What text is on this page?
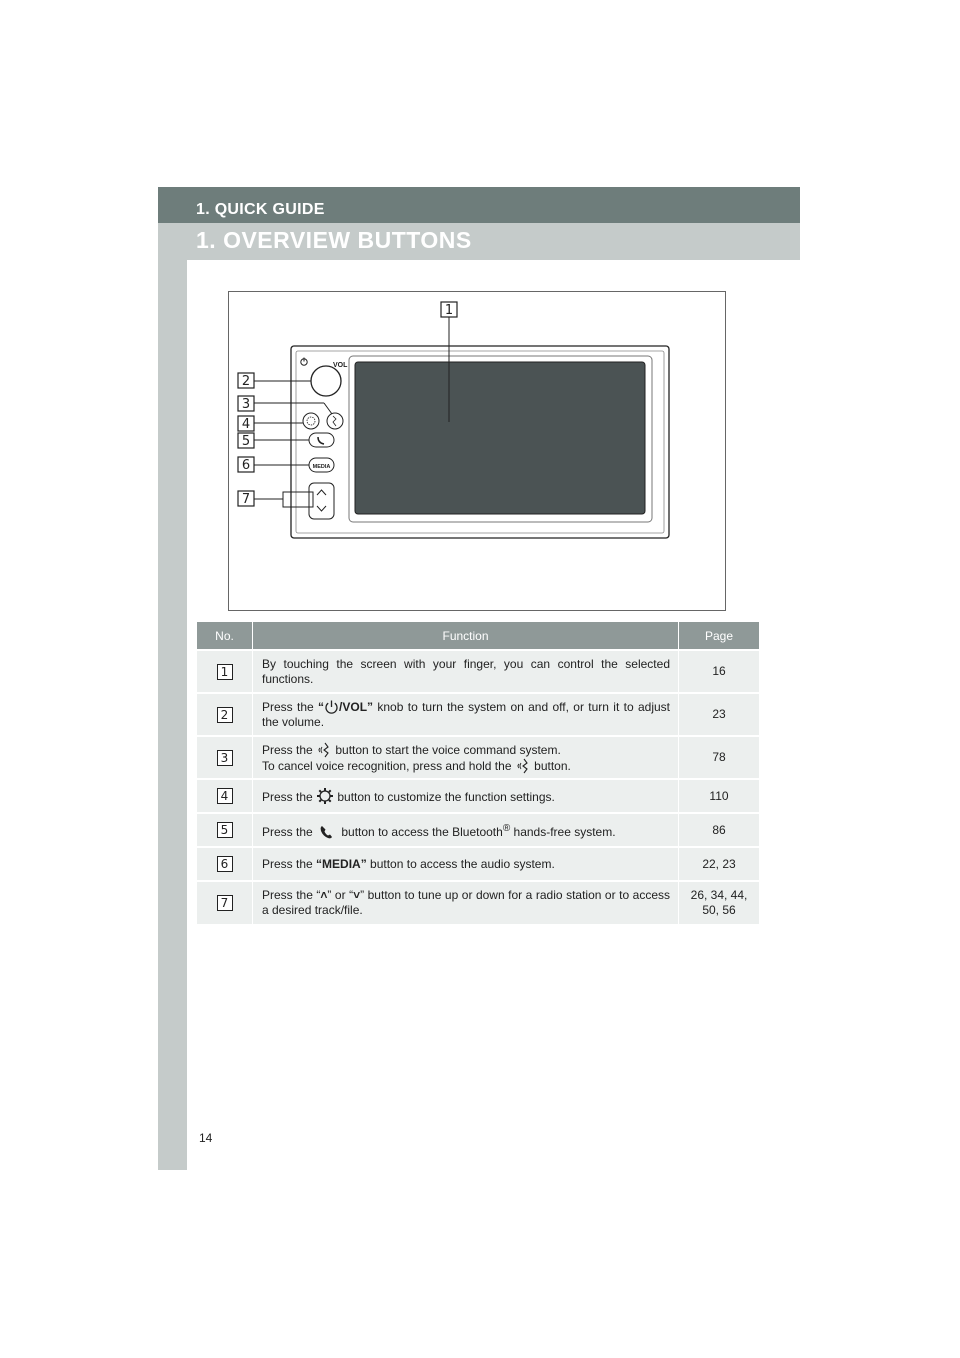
1. QUICK GUIDE
1. OVERVIEW BUTTONS
VOL
MEDIA
1
2
3
4
5
6
7
No.	Function	Page
1	By touching the screen with your finger, you can control the selected functions.	16
2	Press the “ /VOL” knob to turn the system on and off, or turn it to adjust the volume.	23
3	Press the  button to start the voice command system.
To cancel voice recognition, press and hold the  button.	78
4	Press the  button to customize the function settings.	110
5	Press the  button to access the Bluetooth® hands-free system.	86
6	Press the “MEDIA” button to access the audio system.	22, 23
7	Press the “˄” or “˅” button to tune up or down for a radio station or to access a desired track/file.	26, 34, 44,
50, 56
14
